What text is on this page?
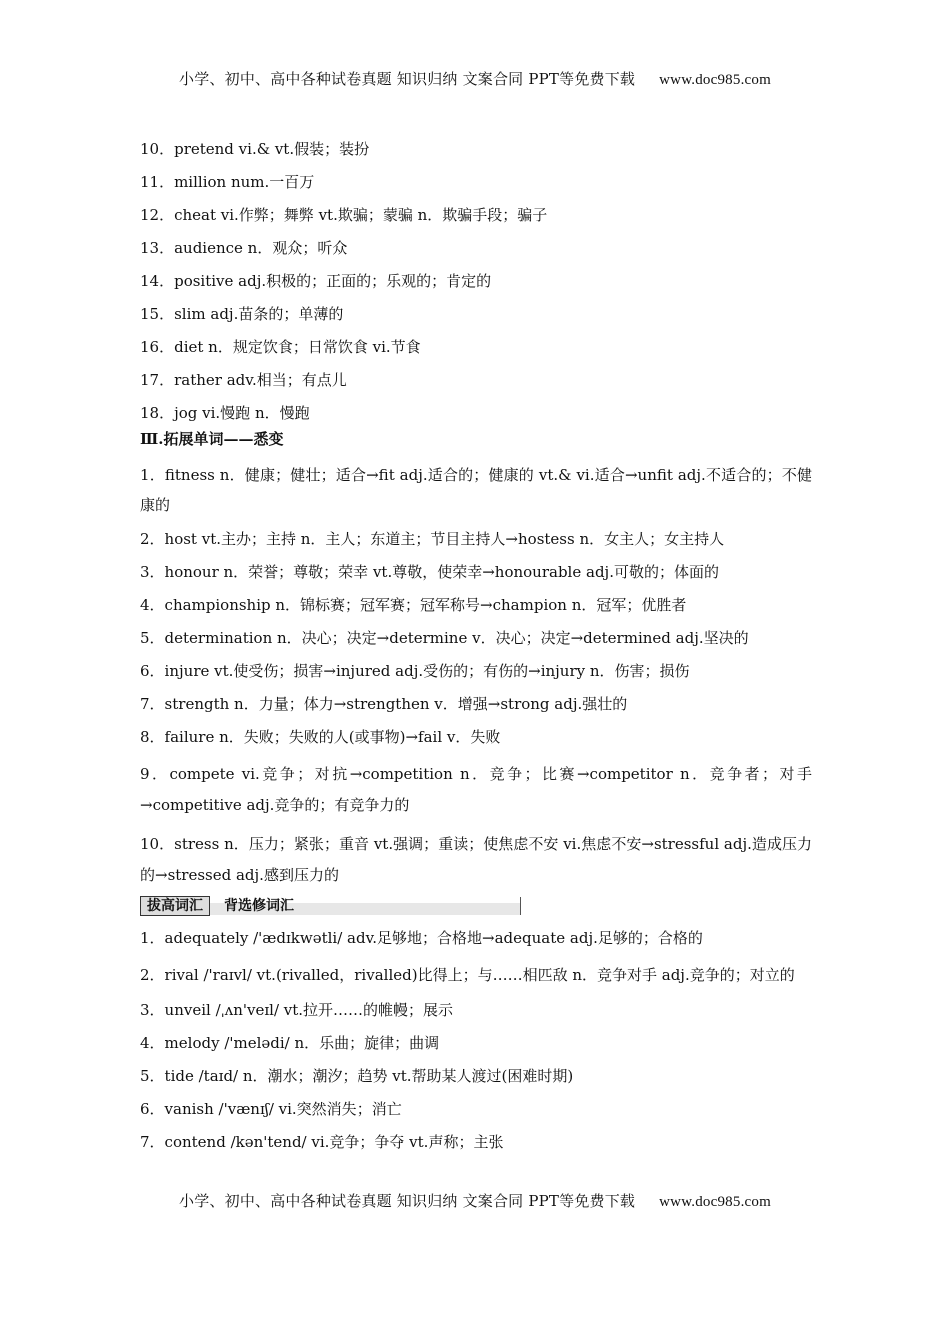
小学、初中、高中各种试卷真题 知识归纳 文案合同 PPT等免费下载 www.doc985.com
10．pretend vi.& vt.假装；装扮
11．million num.一百万
12．cheat vi.作弊；舞弊 vt.欺骗；蒙骗 n．欺骗手段；骗子
13．audience n．观众；听众
14．positive adj.积极的；正面的；乐观的；肯定的
15．slim adj.苗条的；单薄的
16．diet n．规定饮食；日常饮食 vi.节食
17．rather adv.相当；有点儿
18．jog vi.慢跑 n．慢跑
Ⅲ.拓展单词——悉变
1．fitness n．健康；健壮；适合→fit adj.适合的；健康的 vt.& vi.适合→unfit adj.不适合的；不健康的
2．host vt.主办；主持 n．主人；东道主；节目主持人→hostess n．女主人；女主持人
3．honour n．荣誉；尊敬；荣幸 vt.尊敬，使荣幸→honourable adj.可敬的；体面的
4．championship n．锦标赛；冠军赛；冠军称号→champion n．冠军；优胜者
5．determination n．决心；决定→determine v．决心；决定→determined adj.坚决的
6．injure vt.使受伤；损害→injured adj.受伤的；有伤的→injury n．伤害；损伤
7．strength n．力量；体力→strengthen v．增强→strong adj.强壮的
8．failure n．失败；失败的人(或事物)→fail v．失败
9．compete vi.竞争；对抗→competition n．竞争；比赛→competitor n．竞争者；对手→competitive adj.竞争的；有竞争力的
10．stress n．压力；紧张；重音 vt.强调；重读；使焦虑不安 vi.焦虑不安→stressful adj.造成压力的→stressed adj.感到压力的
拔高词汇	背选修词汇
1．adequately /'ædɪkwətli/ adv.足够地；合格地→adequate adj.足够的；合格的
2．rival /'raɪvl/ vt.(rivalled，rivalled)比得上；与……相匹敌 n．竞争对手 adj.竞争的；对立的
3．unveil /ˌʌn'veɪl/ vt.拉开……的帷幔；展示
4．melody /'melədi/ n．乐曲；旋律；曲调
5．tide /taɪd/ n．潮水；潮汐；趋势 vt.帮助某人渡过(困难时期)
6．vanish /'vænɪʃ/ vi.突然消失；消亡
7．contend /kən'tend/ vi.竞争；争夺 vt.声称；主张
小学、初中、高中各种试卷真题 知识归纳 文案合同 PPT等免费下载 www.doc985.com
